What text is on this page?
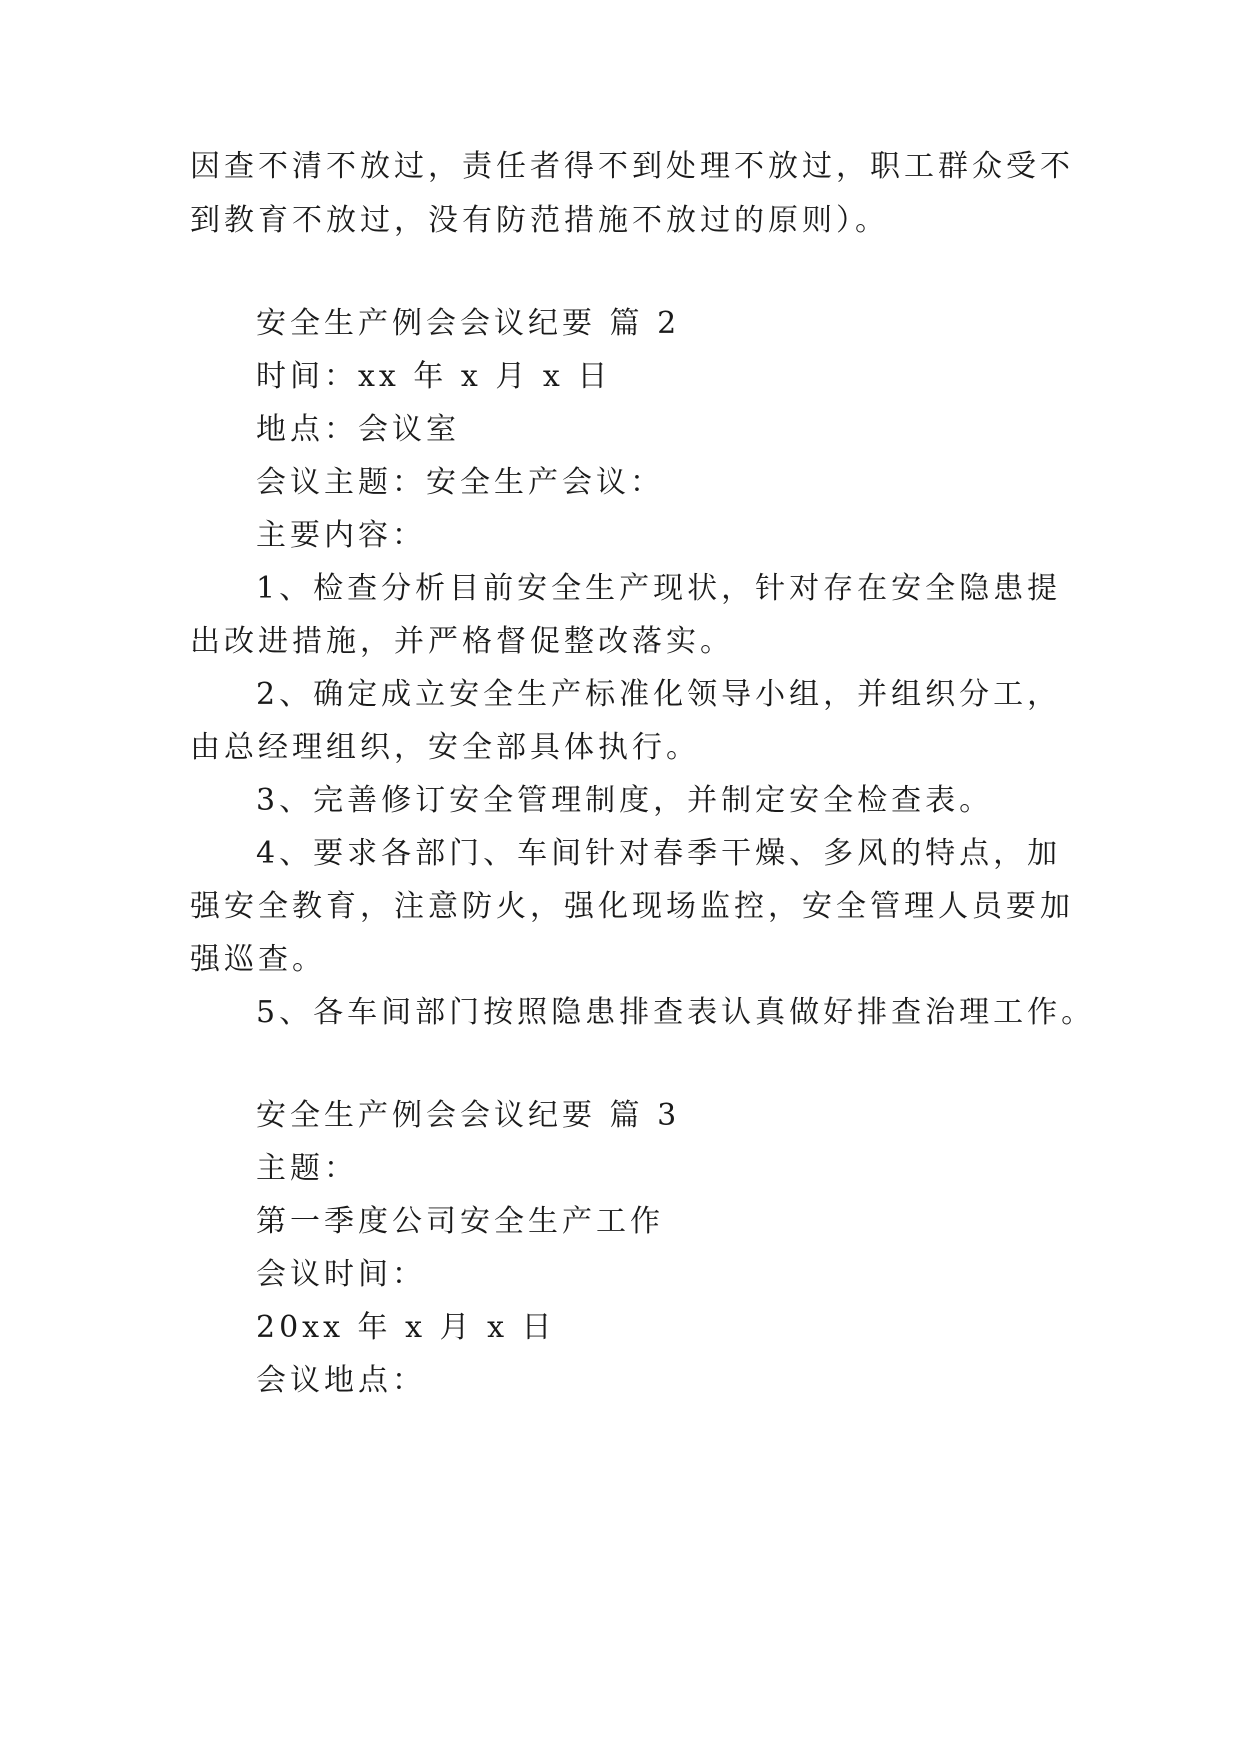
因查不清不放过，责任者得不到处理不放过，职工群众受不
到教育不放过，没有防范措施不放过的原则）。
安全生产例会会议纪要 篇 2
时间：xx 年 x 月 x 日
地点：会议室
会议主题：安全生产会议：
主要内容：
1、检查分析目前安全生产现状，针对存在安全隐患提
出改进措施，并严格督促整改落实。
2、确定成立安全生产标准化领导小组，并组织分工，
由总经理组织，安全部具体执行。
3、完善修订安全管理制度，并制定安全检查表。
4、要求各部门、车间针对春季干燥、多风的特点，加
强安全教育，注意防火，强化现场监控，安全管理人员要加
强巡查。
5、各车间部门按照隐患排查表认真做好排查治理工作。
安全生产例会会议纪要 篇 3
主题：
第一季度公司安全生产工作
会议时间：
20xx 年 x 月 x 日
会议地点：
